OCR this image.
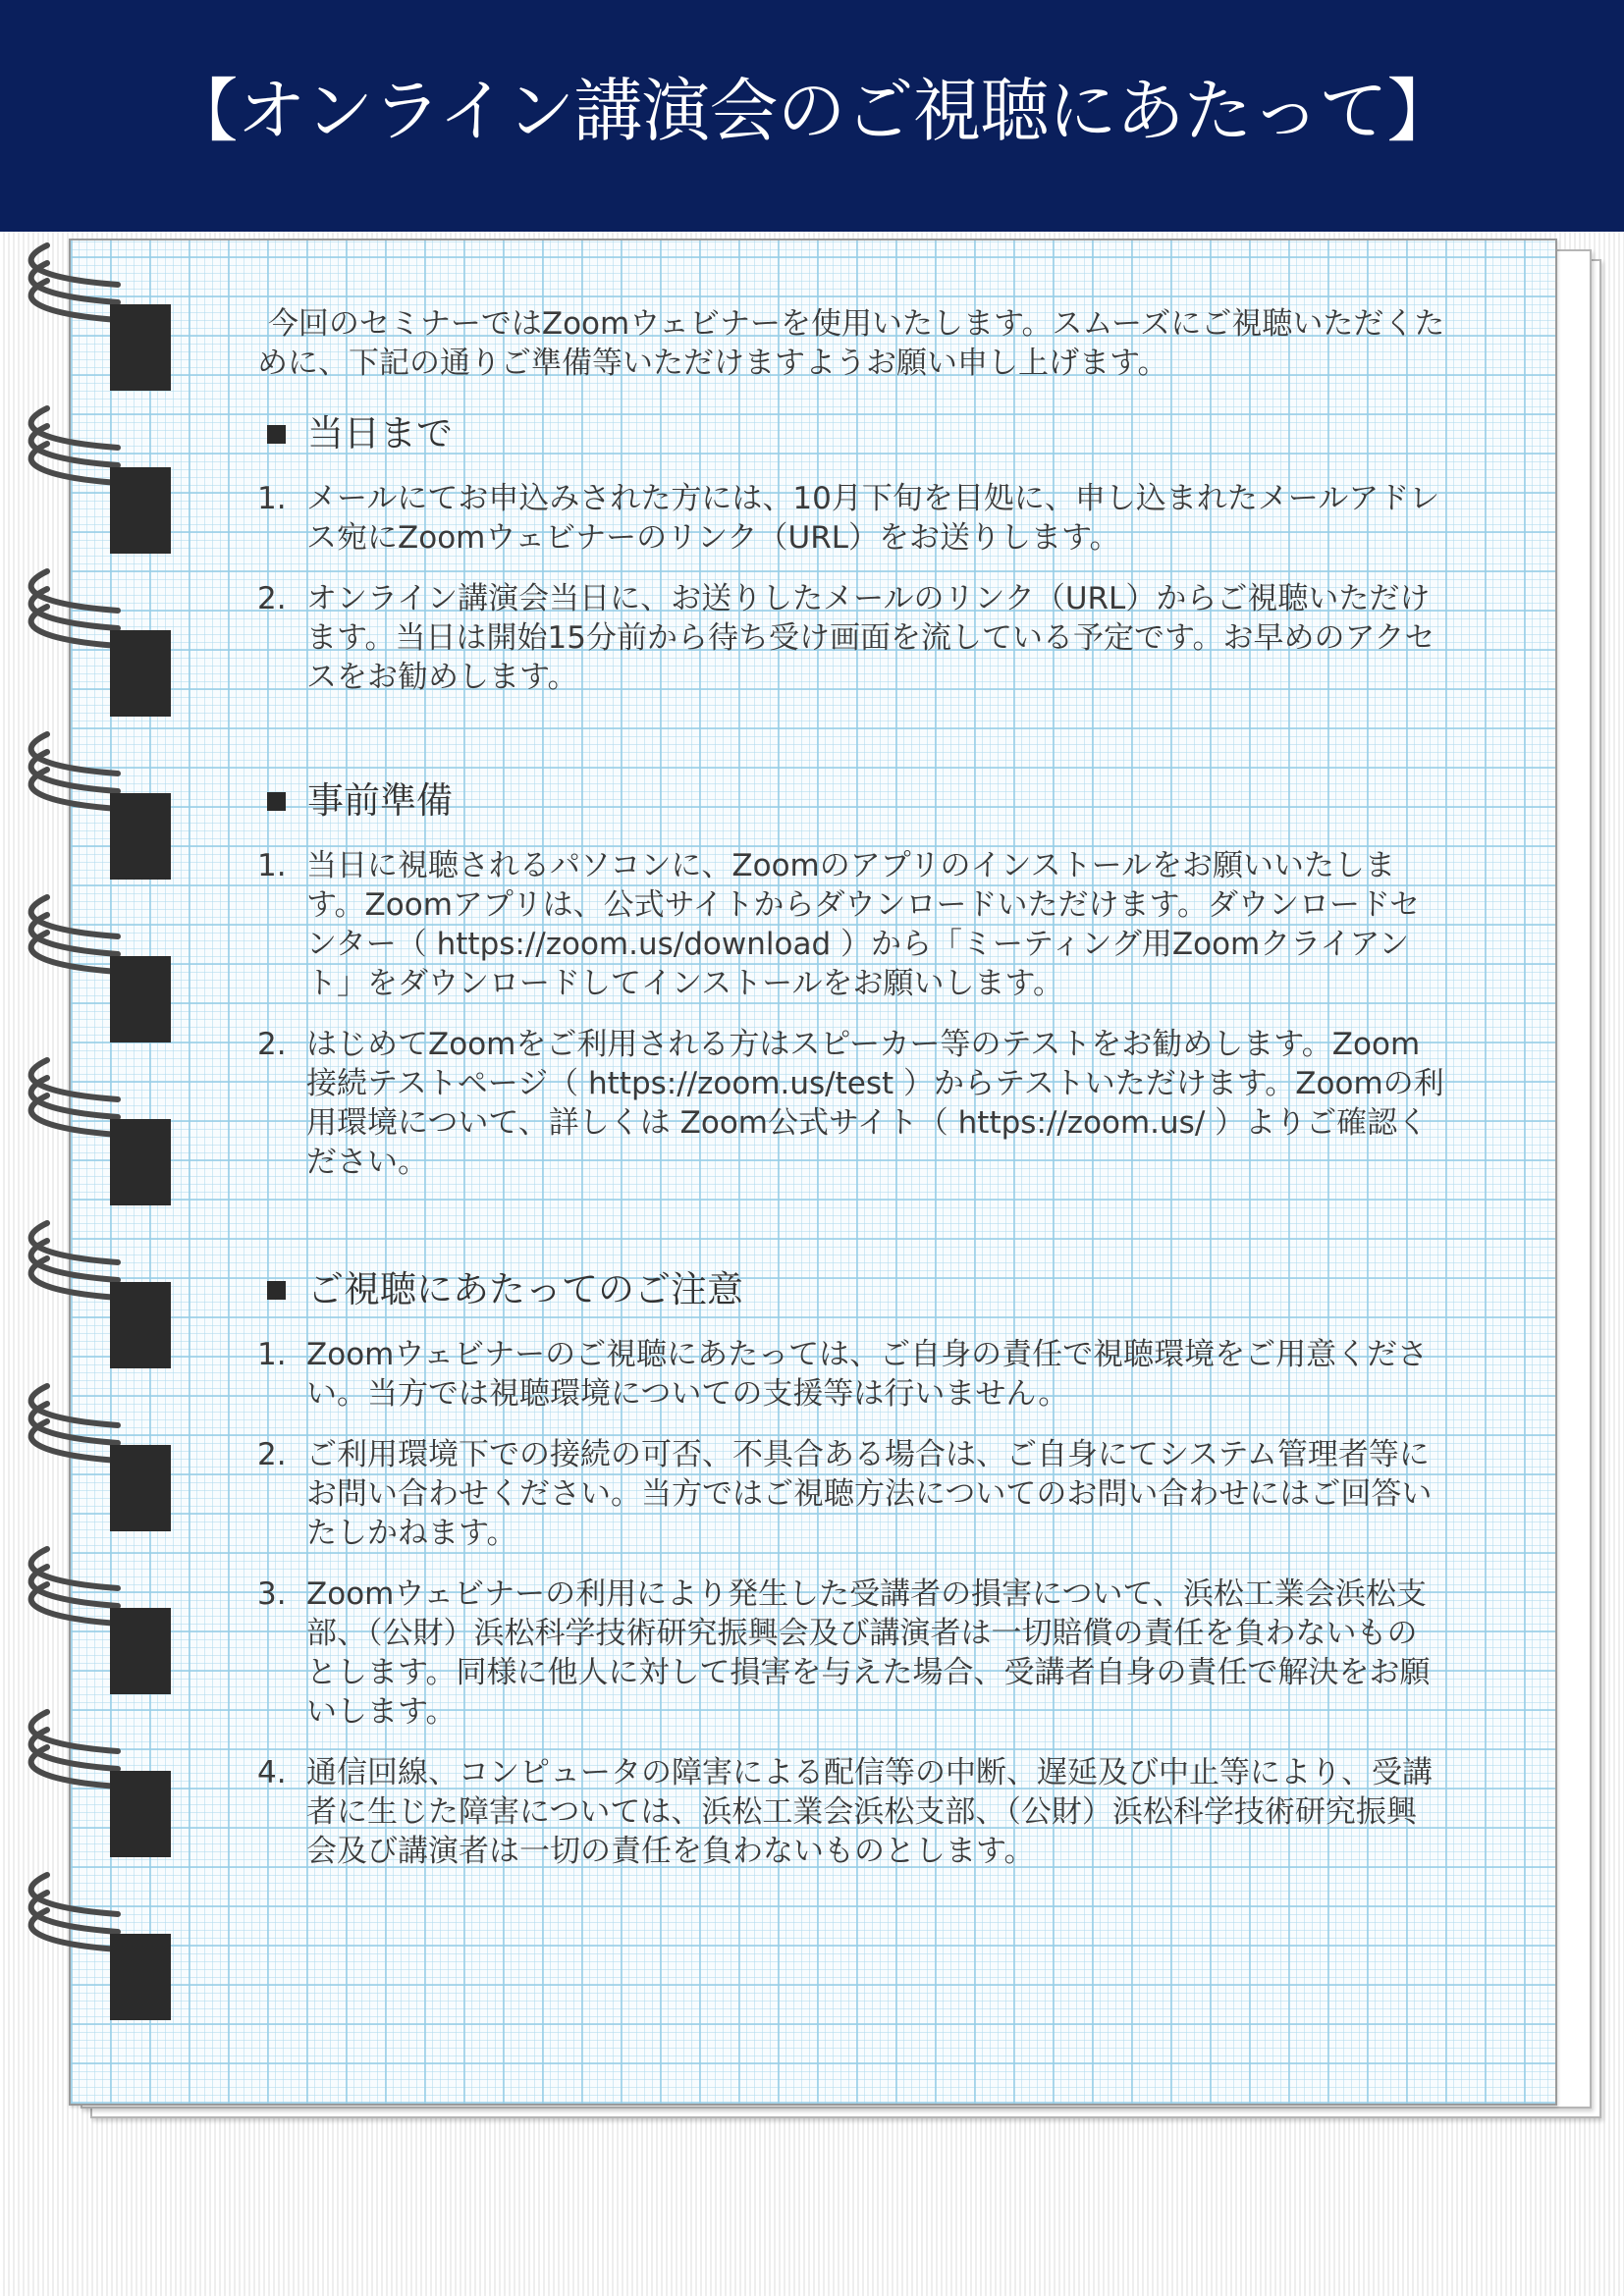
【オンライン講演会のご視聴にあたって】

今回のセミナーではZoomウェビナーを使用いたします。スムーズにご視聴いただくために、下記の通りご準備等いただけますようお願い申し上げます。

当日まで
1. メールにてお申込みされた方には、10月下旬を目処に、申し込まれたメールアドレス宛にZoomウェビナーのリンク（URL）をお送りします。
2. オンライン講演会当日に、お送りしたメールのリンク（URL）からご視聴いただけます。当日は開始15分前から待ち受け画面を流している予定です。お早めのアクセスをお勧めします。
事前準備
1. 当日に視聴されるパソコンに、Zoomのアプリのインストールをお願いいたします。Zoomアプリは、公式サイトからダウンロードいただけます。ダウンロードセンター（ https://zoom.us/download ）から「ミーティング用Zoomクライアント」をダウンロードしてインストールをお願いします。
2. はじめてZoomをご利用される方はスピーカー等のテストをお勧めします。Zoom接続テストページ（ https://zoom.us/test ）からテストいただけます。Zoomの利用環境について、詳しくは Zoom公式サイト（ https://zoom.us/ ）よりご確認ください。
ご視聴にあたってのご注意
1. Zoomウェビナーのご視聴にあたっては、ご自身の責任で視聴環境をご用意ください。当方では視聴環境についての支援等は行いません。
2. ご利用環境下での接続の可否、不具合ある場合は、ご自身にてシステム管理者等にお問い合わせください。当方ではご視聴方法についてのお問い合わせにはご回答いたしかねます。
3. Zoomウェビナーの利用により発生した受講者の損害について、浜松工業会浜松支部、（公財）浜松科学技術研究振興会及び講演者は一切賠償の責任を負わないものとします。同様に他人に対して損害を与えた場合、受講者自身の責任で解決をお願いします。
4. 通信回線、コンピュータの障害による配信等の中断、遅延及び中止等により、受講者に生じた障害については、浜松工業会浜松支部、（公財）浜松科学技術研究振興会及び講演者は一切の責任を負わないものとします。
